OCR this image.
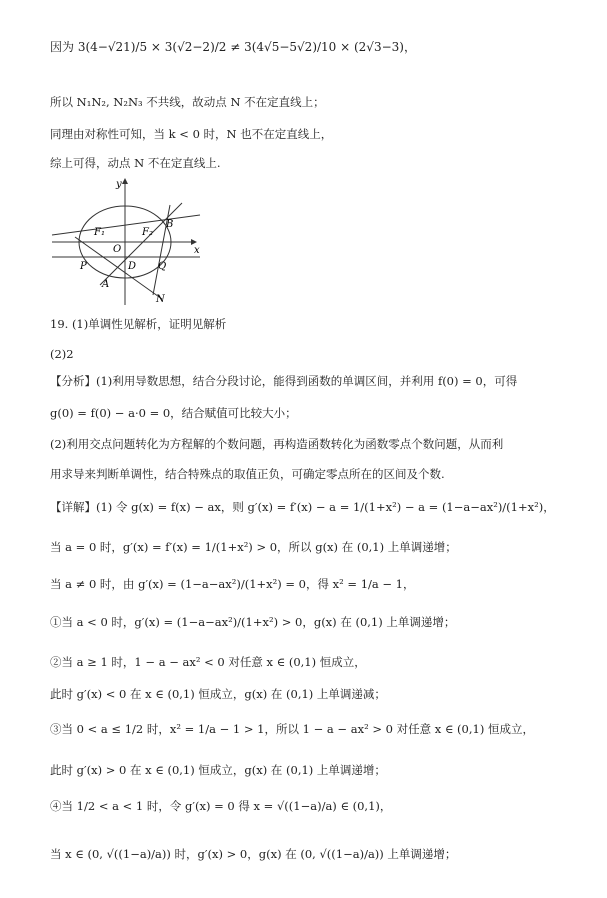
因为 3(4−√21)/5 × 3(√2−2)/2 ≠ 3(4√5−5√2)/10 × (2√3−3)，
所以 N₁N₂, N₂N₃ 不共线，故动点 N 不在定直线上；
同理由对称性可知，当 k < 0 时，N 也不在定直线上，
综上可得，动点 N 不在定直线上.
y
x
F₁	F₂
O
B
P	D Q
A
N
19. (1)单调性见解析，证明见解析
(2)2
【分析】(1)利用导数思想，结合分段讨论，能得到函数的单调区间，并利用 f(0) = 0，可得
g(0) = f(0) − a·0 = 0，结合赋值可比较大小；
(2)利用交点问题转化为方程解的个数问题，再构造函数转化为函数零点个数问题，从而利
用求导来判断单调性，结合特殊点的取值正负，可确定零点所在的区间及个数.
【详解】(1) 令 g(x) = f(x) − ax，则 g′(x) = f′(x) − a = 1/(1+x²) − a = (1−a−ax²)/(1+x²)，
当 a = 0 时，g′(x) = f′(x) = 1/(1+x²) > 0，所以 g(x) 在 (0,1) 上单调递增；
当 a ≠ 0 时，由 g′(x) = (1−a−ax²)/(1+x²) = 0，得 x² = 1/a − 1，
①当 a < 0 时，g′(x) = (1−a−ax²)/(1+x²) > 0，g(x) 在 (0,1) 上单调递增；
②当 a ≥ 1 时，1 − a − ax² < 0 对任意 x ∈ (0,1) 恒成立，
此时 g′(x) < 0 在 x ∈ (0,1) 恒成立，g(x) 在 (0,1) 上单调递减；
③当 0 < a ≤ 1/2 时，x² = 1/a − 1 > 1，所以 1 − a − ax² > 0 对任意 x ∈ (0,1) 恒成立，
此时 g′(x) > 0 在 x ∈ (0,1) 恒成立，g(x) 在 (0,1) 上单调递增；
④当 1/2 < a < 1 时，令 g′(x) = 0 得 x = √((1−a)/a) ∈ (0,1)，
当 x ∈ (0, √((1−a)/a)) 时，g′(x) > 0，g(x) 在 (0, √((1−a)/a)) 上单调递增；
